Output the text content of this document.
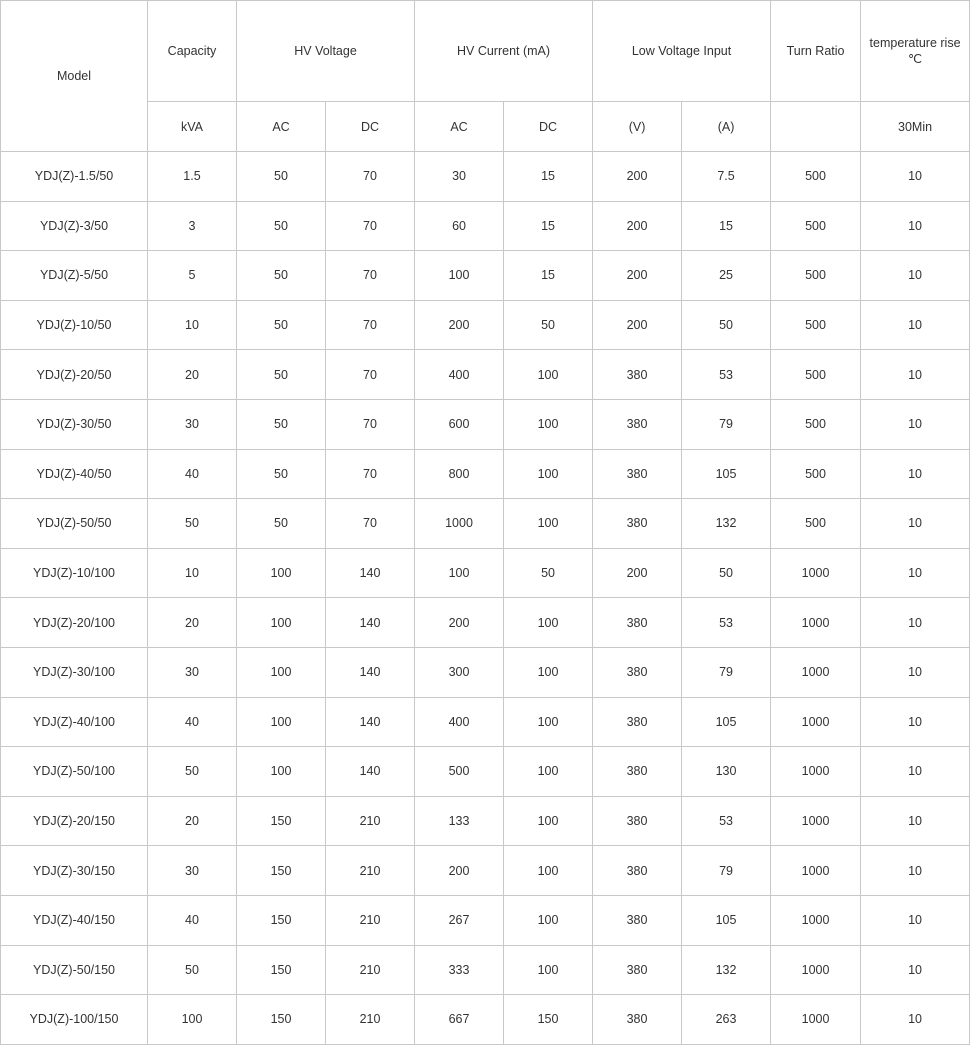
Model	Capacity	HV Voltage		HV Current (mA)		Low Voltage Input		Turn Ratio	temperature rise
℃

	kVA	AC	DC	AC	DC	(V)	(A)		30Min
YDJ(Z)-1.5/50	1.5	50	70	30	15	200	7.5	500	10
YDJ(Z)-3/50	3	50	70	60	15	200	15	500	10
YDJ(Z)-5/50	5	50	70	100	15	200	25	500	10
YDJ(Z)-10/50	10	50	70	200	50	200	50	500	10
YDJ(Z)-20/50	20	50	70	400	100	380	53	500	10
YDJ(Z)-30/50	30	50	70	600	100	380	79	500	10
YDJ(Z)-40/50	40	50	70	800	100	380	105	500	10
YDJ(Z)-50/50	50	50	70	1000	100	380	132	500	10
YDJ(Z)-10/100	10	100	140	100	50	200	50	1000	10
YDJ(Z)-20/100	20	100	140	200	100	380	53	1000	10
YDJ(Z)-30/100	30	100	140	300	100	380	79	1000	10
YDJ(Z)-40/100	40	100	140	400	100	380	105	1000	10
YDJ(Z)-50/100	50	100	140	500	100	380	130	1000	10
YDJ(Z)-20/150	20	150	210	133	100	380	53	1000	10
YDJ(Z)-30/150	30	150	210	200	100	380	79	1000	10
YDJ(Z)-40/150	40	150	210	267	100	380	105	1000	10
YDJ(Z)-50/150	50	150	210	333	100	380	132	1000	10
YDJ(Z)-100/150	100	150	210	667	150	380	263	1000	10
